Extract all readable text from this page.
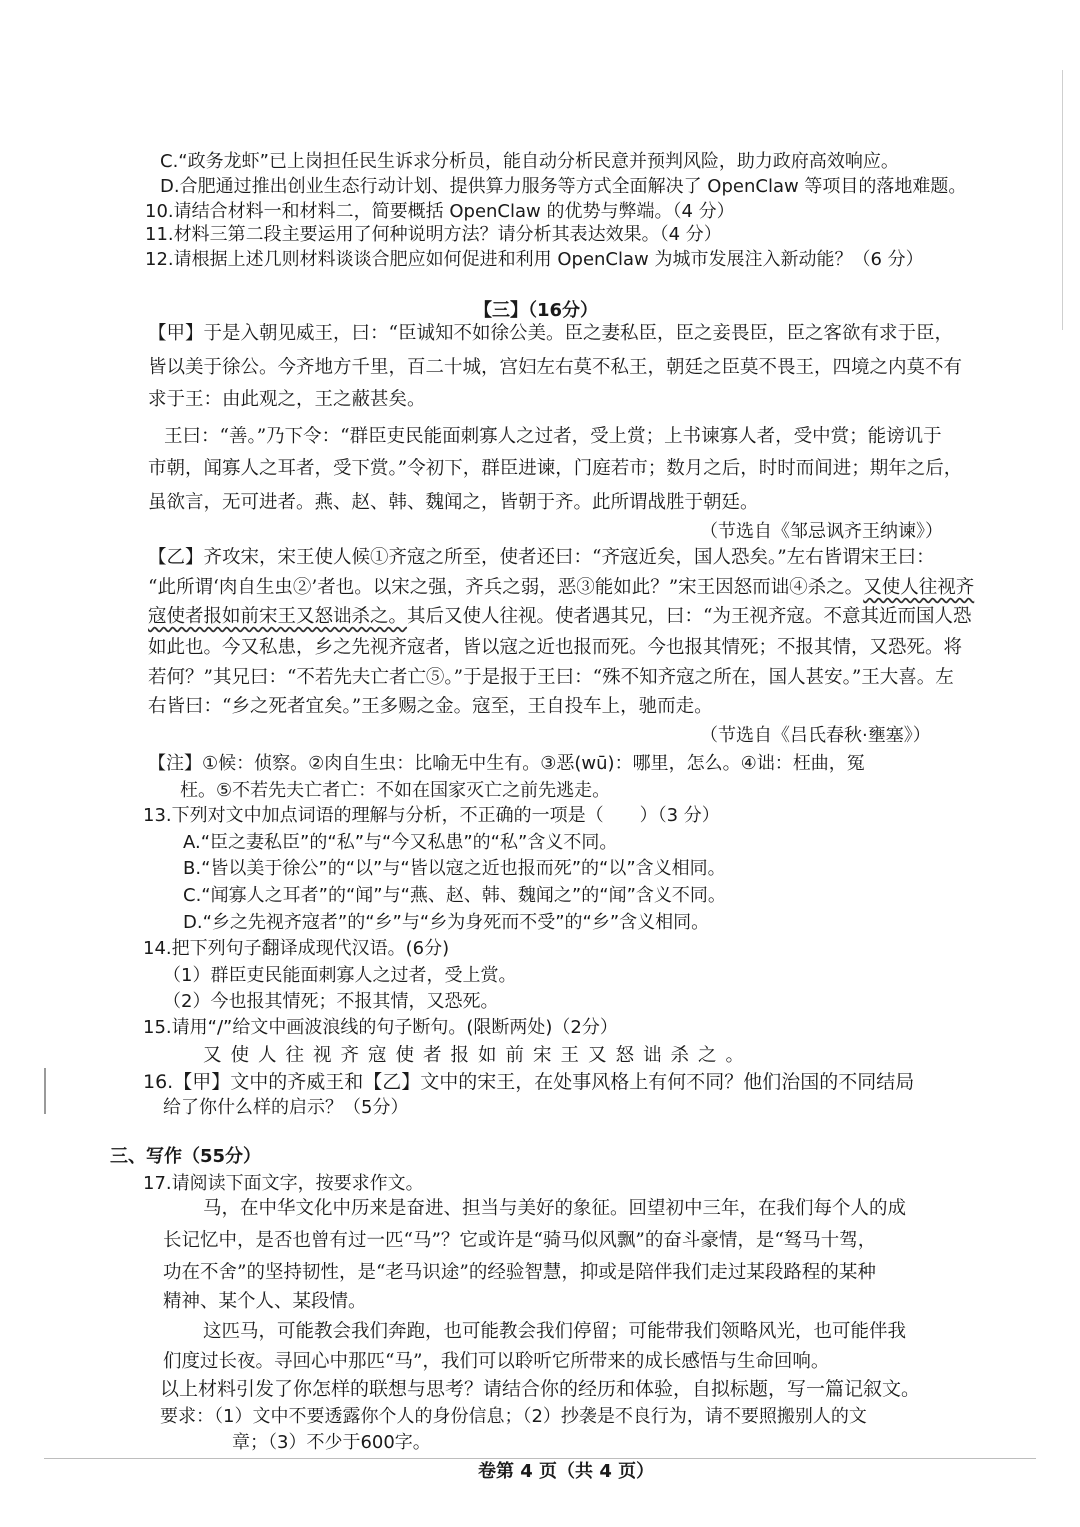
C.“政务龙虾”已上岗担任民生诉求分析员，能自动分析民意并预判风险，助力政府高效响应。
D.合肥通过推出创业生态行动计划、提供算力服务等方式全面解决了 OpenClaw 等项目的落地难题。
10.请结合材料一和材料二，简要概括 OpenClaw 的优势与弊端。（4 分）
11.材料三第二段主要运用了何种说明方法？请分析其表达效果。（4 分）
12.请根据上述几则材料谈谈合肥应如何促进和利用 OpenClaw 为城市发展注入新动能？（6 分）
【三】（16分）
【甲】于是入朝见威王，曰：“臣诚知不如徐公美。臣之妻私臣，臣之妾畏臣，臣之客欲有求于臣，
皆以美于徐公。今齐地方千里，百二十城，宫妇左右莫不私王，朝廷之臣莫不畏王，四境之内莫不有
求于王：由此观之，王之蔽甚矣。
王曰：“善。”乃下令：“群臣吏民能面刺寡人之过者，受上赏；上书谏寡人者，受中赏；能谤讥于
市朝，闻寡人之耳者，受下赏。”令初下，群臣进谏，门庭若市；数月之后，时时而间进；期年之后，
虽欲言，无可进者。燕、赵、韩、魏闻之，皆朝于齐。此所谓战胜于朝廷。
（节选自《邹忌讽齐王纳谏》）
【乙】齐攻宋，宋王使人候①齐寇之所至，使者还曰：“齐寇近矣，国人恐矣。”左右皆谓宋王曰：
“此所谓‘肉自生虫②’者也。以宋之强，齐兵之弱，恶③能如此？”宋王因怒而诎④杀之。又使人往视齐
寇使者报如前宋王又怒诎杀之。其后又使人往视。使者遇其兄，曰：“为王视齐寇。不意其近而国人恐
如此也。今又私患，乡之先视齐寇者，皆以寇之近也报而死。今也报其情死；不报其情，又恐死。将
若何？”其兄曰：“不若先夫亡者亡⑤。”于是报于王曰：“殊不知齐寇之所在，国人甚安。”王大喜。左
右皆曰：“乡之死者宜矣。”王多赐之金。寇至，王自投车上，驰而走。
（节选自《吕氏春秋·壅塞》）
【注】①候：侦察。②肉自生虫：比喻无中生有。③恶(wū)：哪里，怎么。④诎：枉曲，冤
枉。⑤不若先夫亡者亡：不如在国家灭亡之前先逃走。
13.下列对文中加点词语的理解与分析，不正确的一项是（　　）（3 分）
A.“臣之妻私臣”的“私”与“今又私患”的“私”含义不同。
B.“皆以美于徐公”的“以”与“皆以寇之近也报而死”的“以”含义相同。
C.“闻寡人之耳者”的“闻”与“燕、赵、韩、魏闻之”的“闻”含义不同。
D.“乡之先视齐寇者”的“乡”与“乡为身死而不受”的“乡”含义相同。
14.把下列句子翻译成现代汉语。(6分)
（1）群臣吏民能面刺寡人之过者，受上赏。
（2）今也报其情死；不报其情，又恐死。
15.请用“/”给文中画波浪线的句子断句。(限断两处)（2分）
又使人往视齐寇使者报如前宋王又怒诎杀之。
16.【甲】文中的齐威王和【乙】文中的宋王，在处事风格上有何不同？他们治国的不同结局
给了你什么样的启示？（5分）
三、写作（55分）
17.请阅读下面文字，按要求作文。
马，在中华文化中历来是奋进、担当与美好的象征。回望初中三年，在我们每个人的成
长记忆中，是否也曾有过一匹“马”？它或许是“骑马似风飘”的奋斗豪情，是“驽马十驾，
功在不舍”的坚持韧性，是“老马识途”的经验智慧，抑或是陪伴我们走过某段路程的某种
精神、某个人、某段情。
这匹马，可能教会我们奔跑，也可能教会我们停留；可能带我们领略风光，也可能伴我
们度过长夜。寻回心中那匹“马”，我们可以聆听它所带来的成长感悟与生命回响。
以上材料引发了你怎样的联想与思考？请结合你的经历和体验，自拟标题，写一篇记叙文。
要求：（1）文中不要透露你个人的身份信息；（2）抄袭是不良行为，请不要照搬别人的文
章；（3）不少于600字。
卷第 4 页（共 4 页）
